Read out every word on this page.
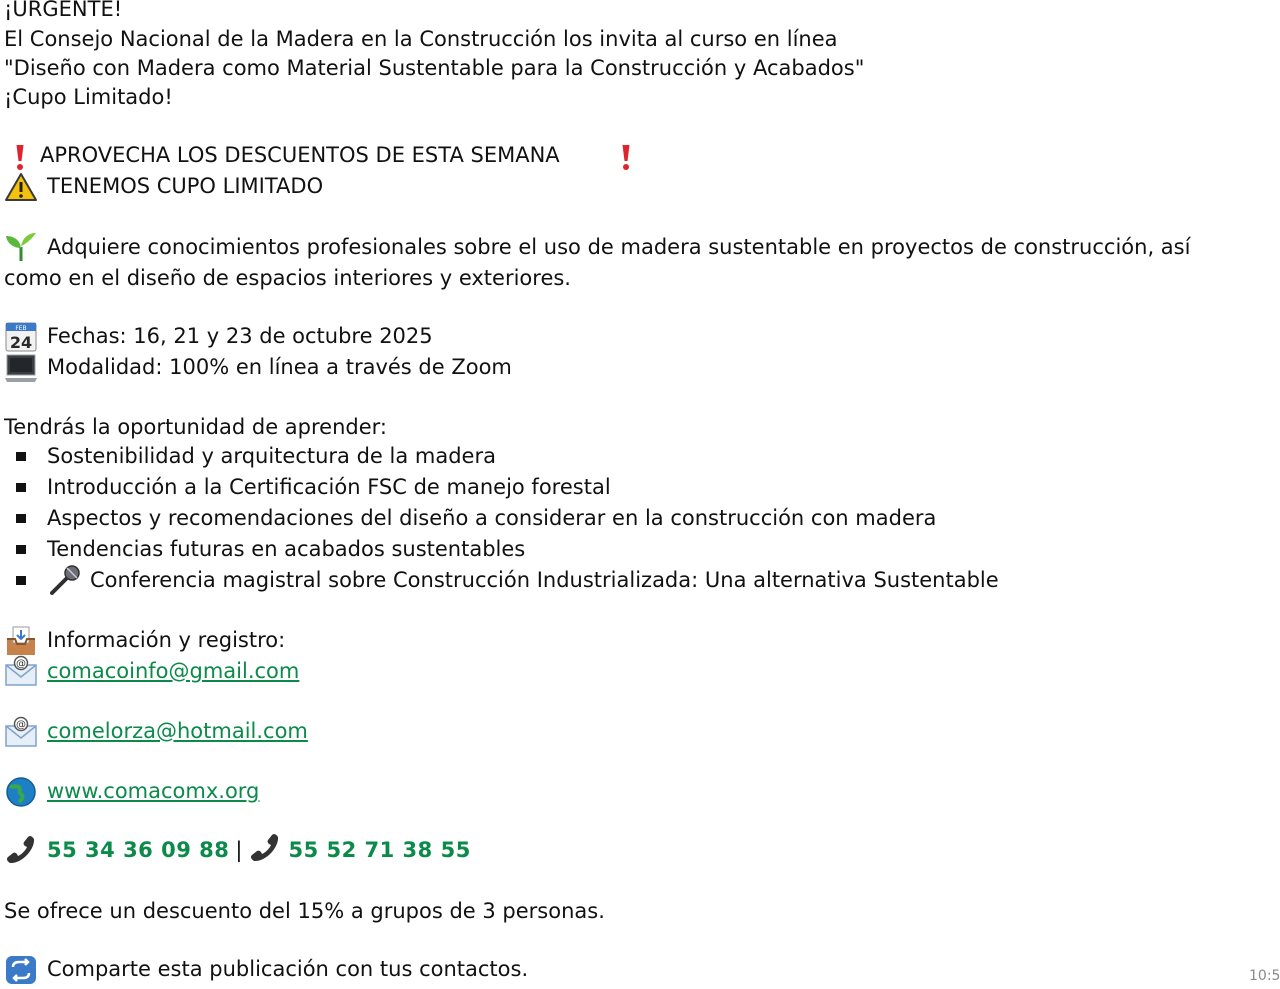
¡URGENTE!
El Consejo Nacional de la Madera en la Construcción los invita al curso en línea
"Diseño con Madera como Material Sustentable para la Construcción y Acabados"
¡Cupo Limitado!
APROVECHA LOS DESCUENTOS DE ESTA SEMANA
TENEMOS CUPO LIMITADO
Adquiere conocimientos profesionales sobre el uso de madera sustentable en proyectos de construcción, así
como en el diseño de espacios interiores y exteriores.
FEB
24 Fechas: 16, 21 y 23 de octubre 2025
Modalidad: 100% en línea a través de Zoom
Tendrás la oportunidad de aprender:
Sostenibilidad y arquitectura de la madera
Introducción a la Certificación FSC de manejo forestal
Aspectos y recomendaciones del diseño a considerar en la construcción con madera
Tendencias futuras en acabados sustentables
Conferencia magistral sobre Construcción Industrializada: Una alternativa Sustentable
Información y registro:
@ comacoinfo@gmail.com
@ comelorza@hotmail.com
www.comacomx.org
55 34 36 09 88 | 55 52 71 38 55
Se ofrece un descuento del 15% a grupos de 3 personas.
Comparte esta publicación con tus contactos.	10:5
